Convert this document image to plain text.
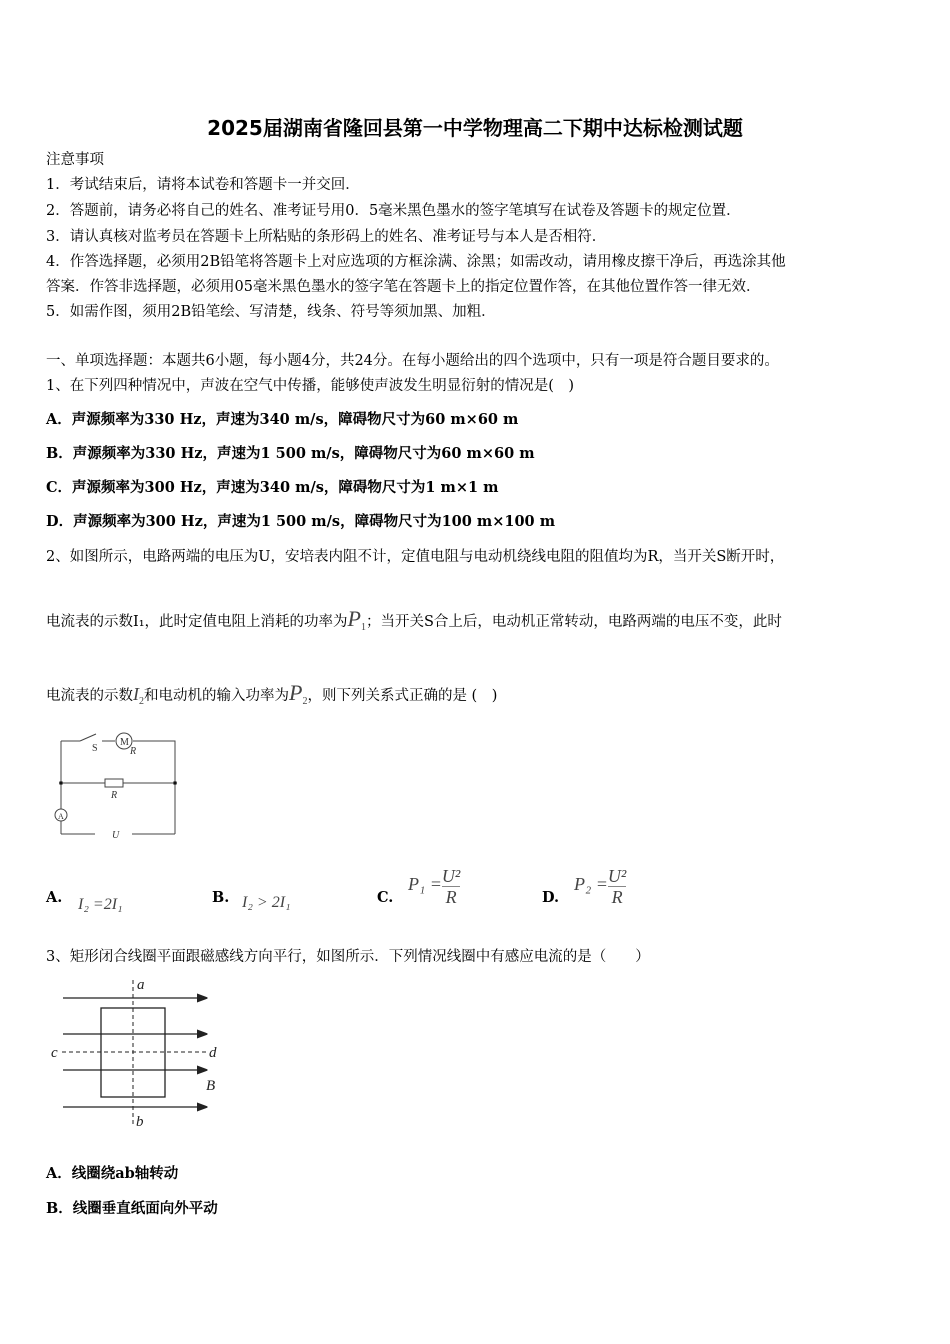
2025届湖南省隆回县第一中学物理高二下期中达标检测试题
注意事项
1．考试结束后，请将本试卷和答题卡一并交回．
2．答题前，请务必将自己的姓名、准考证号用0．5毫米黑色墨水的签字笔填写在试卷及答题卡的规定位置．
3．请认真核对监考员在答题卡上所粘贴的条形码上的姓名、准考证号与本人是否相符．
4．作答选择题，必须用2B铅笔将答题卡上对应选项的方框涂满、涂黑；如需改动，请用橡皮擦干净后，再选涂其他
答案．作答非选择题，必须用05毫米黑色墨水的签字笔在答题卡上的指定位置作答，在其他位置作答一律无效．
5．如需作图，须用2B铅笔绘、写清楚，线条、符号等须加黑、加粗．
一、单项选择题：本题共6小题，每小题4分，共24分。在每小题给出的四个选项中，只有一项是符合题目要求的。
1、在下列四种情况中，声波在空气中传播，能够使声波发生明显衍射的情况是(　)
A．声源频率为330 Hz，声速为340 m/s，障碍物尺寸为60 m×60 m
B．声源频率为330 Hz，声速为1 500 m/s，障碍物尺寸为60 m×60 m
C．声源频率为300 Hz，声速为340 m/s，障碍物尺寸为1 m×1 m
D．声源频率为300 Hz，声速为1 500 m/s，障碍物尺寸为100 m×100 m
2、如图所示，电路两端的电压为U，安培表内阻不计，定值电阻与电动机绕线电阻的阻值均为R，当开关S断开时，
电流表的示数I₁，此时定值电阻上消耗的功率为$P_1$；当开关S合上后，电动机正常转动，电路两端的电压不变，此时
电流表的示数$I_2$和电动机的输入功率为$P_2$，则下列关系式正确的是 (　)
S
M
R
R
A
U
A. I₂ =2I₁	B. I₂ > 2I₁	C.
$P_1 = \frac{\text{U²}}{R}$	D.
$P_2 = \frac{\text{U²}}{R}$
3、矩形闭合线圈平面跟磁感线方向平行，如图所示．下列情况线圈中有感应电流的是（　　）
a
b
c	d
B
A．线圈绕ab轴转动
B．线圈垂直纸面向外平动
